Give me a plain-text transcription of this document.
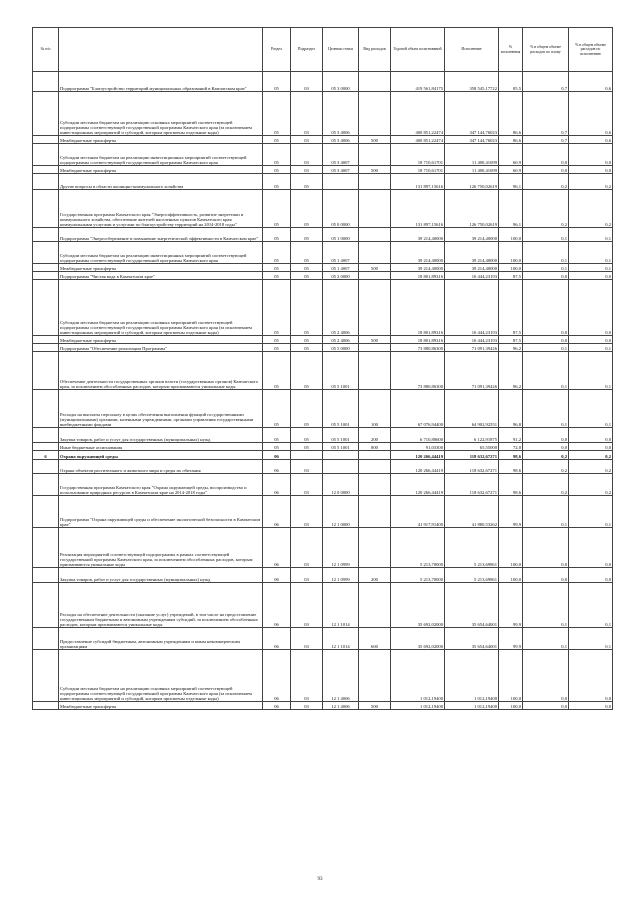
№ п/п		Раздел	Подраздел	Целевая статья	Вид расходов	Годовой объем ассигнований	Исполнение	% исполнения	% в общем объеме расходов по плану	% в общем объеме расходов по исполнению
	Подпрограмма "Благоустройство территорий муниципальных образований в Камчатском крае"	05	03	05 3 0000		419 561,84175	358 545,17722	85,5	0,7	0,6
	Субсидии местным бюджетам на реализацию основных мероприятий соответствующей подпрограммы соответствующей государственной программы Камчатского края (за исключением инвестиционных мероприятий и субсидий, которым присвоены отдельные коды)	05	03	05 3 4006		400 851,22474	347 144,76023	86,6	0,7	0,6
	Межбюджетные трансферты	05	03	05 3 4006	500	400 851,22474	347 144,76023	86,6	0,7	0,6
	Субсидии местным бюджетам на реализацию инвестиционных мероприятий соответствующей подпрограммы соответствующей государственной программы Камчатского края	05	03	05 3 4007		18 710,61701	11 400,41699	60,9	0,0	0,0
	Межбюджетные трансферты	05	03	05 3 4007	500	18 710,61701	11 400,41699	60,9	0,0	0,0
	Другие вопросы в области жилищно-коммунального хозяйства	05	05			131 897,15616	126 750,02619	96,1	0,2	0,2
	Государственная программа Камчатского края "Энергоэффективность, развитие энергетики и коммунального хозяйства, обеспечение жителей населенных пунктов Камчатского края коммунальными услугами и услугами по благоустройству территорий на 2014-2018 годы"	05	05	05 0 0000		131 897,15616	126 750,02619	96,1	0,2	0,2
	Подпрограмма "Энергосбережение и повышение энергетической эффективности в Камчатском крае"	05	05	05 1 0000		39 214,40000	39 214,40000	100,0	0,1	0,1
	Субсидии местным бюджетам на реализацию инвестиционных мероприятий соответствующей подпрограммы соответствующей государственной программы Камчатского края	05	05	05 1 4007		39 214,40000	39 214,40000	100,0	0,1	0,1
	Межбюджетные трансферты	05	05	05 1 4007	500	39 214,40000	39 214,40000	100,0	0,1	0,1
	Подпрограмма "Чистая вода в Камчатском крае"	05	05	05 2 0000		18 801,89316	16 444,23193	87,5	0,0	0,0
	Субсидии местным бюджетам на реализацию основных мероприятий соответствующей подпрограммы соответствующей государственной программы Камчатского края (за исключением инвестиционных мероприятий и субсидий, которым присвоены отдельные коды)	05	05	05 2 4006		18 801,89316	16 444,23193	87,5	0,0	0,0
	Межбюджетные трансферты	05	05	05 2 4006	500	18 801,89316	16 444,23193	87,5	0,0	0,0
	Подпрограмма "Обеспечение реализации Программы"	05	05	05 5 0000		73 880,86300	71 091,39426	96,2	0,1	0,1
	Обеспечение деятельности государственных органов власти (государственных органов) Камчатского края, за исключением обособленных расходов, которым присваиваются уникальные коды	05	05	05 5 1001		73 880,86300	71 091,39426	96,2	0,1	0,1
	Расходы на выплаты персоналу в целях обеспечения выполнения функций государственными (муниципальными) органами, казенными учреждениями, органами управления государственными внебюджетными фондами	05	05	05 5 1001	100	67 076,94400	64 902,92551	96,8	0,1	0,1
	Закупка товаров, работ и услуг для государственных (муниципальных) нужд	05	05	05 5 1001	200	6 710,88600	6 122,91875	91,2	0,0	0,0
	Иные бюджетные ассигнования	05	05	05 5 1001	800	91,03300	65,55000	72,0	0,0	0,0
6	Охрана окружающей среды	06				120 266,44419	118 632,67271	98,6	0,2	0,2
	Охрана объектов растительного и животного мира и среды их обитания	06	03			120 266,44419	118 632,67271	98,6	0,2	0,2
	Государственная программа Камчатского края "Охрана окружающей среды, воспроизводство и использование природных ресурсов в Камчатском крае на 2014-2018 годы"	06	03	12 0 0000		120 266,44419	118 632,67271	98,6	0,2	0,2
	Подпрограмма "Охрана окружающей среды и обеспечение экологической безопасности в Камчатском крае"	06	03	12 1 0000		41 917,91400	41 880,53262	99,9	0,1	0,1
	Реализация мероприятий соответствующей подпрограммы в рамках соответствующей государственной программы Камчатского края, за исключением обособленных расходов, которым присваиваются уникальные коды	06	03	12 1 0999		5 213,70000	5 213,69861	100,0	0,0	0,0
	Закупка товаров, работ и услуг для государственных (муниципальных) нужд	06	03	12 1 0999	200	5 213,70000	5 213,69861	100,0	0,0	0,0
	Расходы на обеспечение деятельности (оказание услуг) учреждений, в том числе на предоставление государственным бюджетным и автономным учреждениям субсидий, за исключением обособленных расходов, которым присваиваются уникальные коды	06	03	12 1 1014		35 692,02000	35 654,64001	99,9	0,1	0,1
	Предоставление субсидий бюджетным, автономным учреждениям и иным некоммерческим организациям	06	03	12 1 1014	600	35 692,02000	35 654,64001	99,9	0,1	0,1
	Субсидии местным бюджетам на реализацию основных мероприятий соответствующей подпрограммы соответствующей государственной программы Камчатского края (за исключением инвестиционных мероприятий и субсидий, которым присвоены отдельные коды)	06	03	12 1 4006		1 012,19400	1 012,19400	100,0	0,0	0,0
	Межбюджетные трансферты	06	03	12 1 4006	500	1 012,19400	1 012,19400	100,0	0,0	0,0
93
